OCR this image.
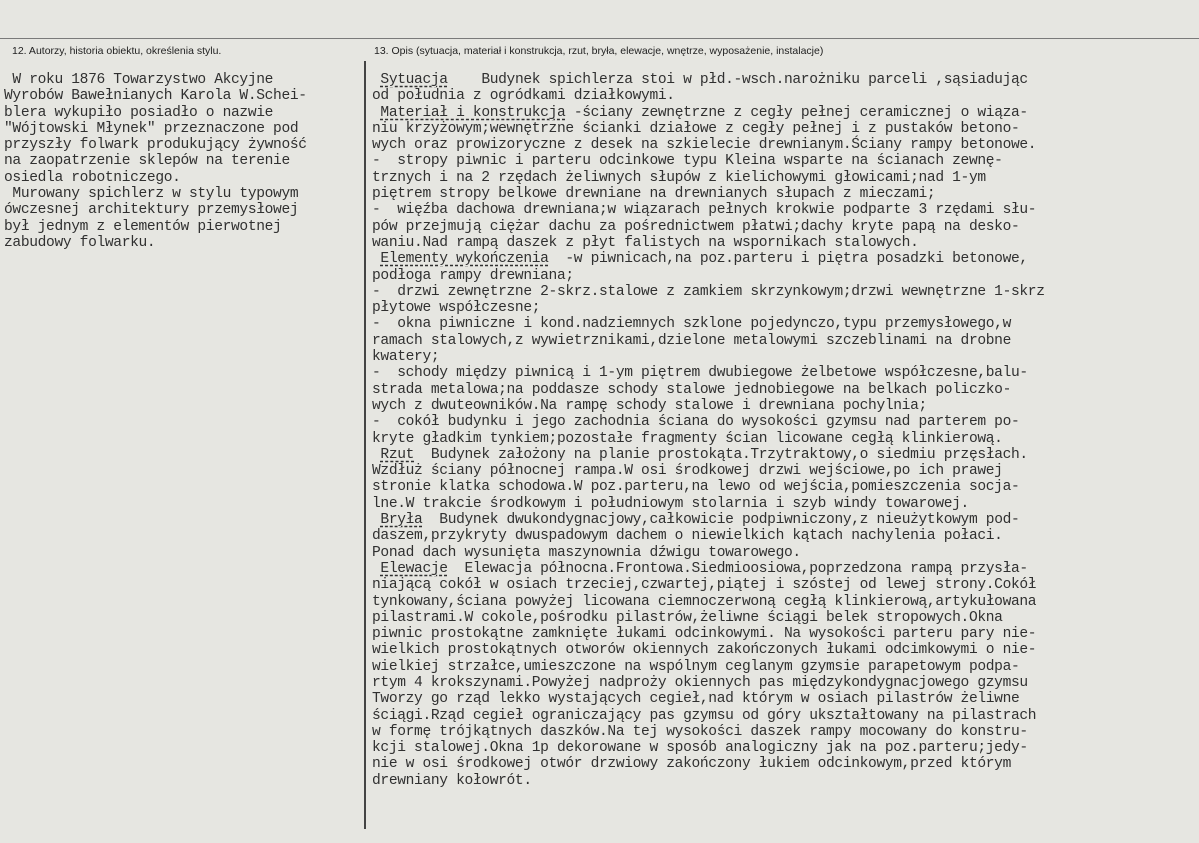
12. Autorzy, historia obiektu, określenia stylu.	13. Opis (sytuacja, materiał i konstrukcja, rzut, bryła, elewacje, wnętrze, wyposażenie, instalacje)
W roku 1876 Towarzystwo Akcyjne
Wyrobów Bawełnianych Karola W.Schei-
blera wykupiło posiadło o nazwie
"Wójtowski Młynek" przeznaczone pod
przyszły folwark produkujący żywność
na zaopatrzenie sklepów na terenie
osiedla robotniczego.
Murowany spichlerz w stylu typowym
ówczesnej architektury przemysłowej
był jednym z elementów pierwotnej
zabudowy folwarku.
Sytuacja    Budynek spichlerza stoi w płd.-wsch.narożniku parceli ,sąsiadując
od południa z ogródkami działkowymi.
Materiał i konstrukcja -ściany zewnętrzne z cegły pełnej ceramicznej o wiąza-
niu krzyżowym;wewnętrzne ścianki działowe z cegły pełnej i z pustaków betono-
wych oraz prowizoryczne z desek na szkielecie drewnianym.Ściany rampy betonowe.
-  stropy piwnic i parteru odcinkowe typu Kleina wsparte na ścianach zewnę-
trznych i na 2 rzędach żeliwnych słupów z kielichowymi głowicami;nad 1-ym
piętrem stropy belkowe drewniane na drewnianych słupach z mieczami;
-  więźba dachowa drewniana;w wiązarach pełnych krokwie podparte 3 rzędami słu-
pów przejmują ciężar dachu za pośrednictwem płatwi;dachy kryte papą na desko-
waniu.Nad rampą daszek z płyt falistych na wspornikach stalowych.
Elementy wykończenia  -w piwnicach,na poz.parteru i piętra posadzki betonowe,
podłoga rampy drewniana;
-  drzwi zewnętrzne 2-skrz.stalowe z zamkiem skrzynkowym;drzwi wewnętrzne 1-skrz
płytowe współczesne;
-  okna piwniczne i kond.nadziemnych szklone pojedynczo,typu przemysłowego,w
ramach stalowych,z wywietrznikami,dzielone metalowymi szczeblinami na drobne
kwatery;
-  schody między piwnicą i 1-ym piętrem dwubiegowe żelbetowe współczesne,balu-
strada metalowa;na poddasze schody stalowe jednobiegowe na belkach policzko-
wych z dwuteowników.Na rampę schody stalowe i drewniana pochylnia;
-  cokół budynku i jego zachodnia ściana do wysokości gzymsu nad parterem po-
kryte gładkim tynkiem;pozostałe fragmenty ścian licowane cegłą klinkierową.
Rzut  Budynek założony na planie prostokąta.Trzytraktowy,o siedmiu przęsłach.
Wzdłuż ściany północnej rampa.W osi środkowej drzwi wejściowe,po ich prawej
stronie klatka schodowa.W poz.parteru,na lewo od wejścia,pomieszczenia socja-
lne.W trakcie środkowym i południowym stolarnia i szyb windy towarowej.
Bryła  Budynek dwukondygnacjowy,całkowicie podpiwniczony,z nieużytkowym pod-
daszem,przykryty dwuspadowym dachem o niewielkich kątach nachylenia połaci.
Ponad dach wysunięta maszynownia dźwigu towarowego.
Elewacje  Elewacja północna.Frontowa.Siedmioosiowa,poprzedzona rampą przysła-
niającą cokół w osiach trzeciej,czwartej,piątej i szóstej od lewej strony.Cokół
tynkowany,ściana powyżej licowana ciemnoczerwoną cegłą klinkierową,artykułowana
pilastrami.W cokole,pośrodku pilastrów,żeliwne ściągi belek stropowych.Okna
piwnic prostokątne zamknięte łukami odcinkowymi. Na wysokości parteru pary nie-
wielkich prostokątnych otworów okiennych zakończonych łukami odcimkowymi o nie-
wielkiej strzałce,umieszczone na wspólnym ceglanym gzymsie parapetowym podpa-
rtym 4 krokszynami.Powyżej nadproży okiennych pas międzykondygnacjowego gzymsu
Tworzy go rząd lekko wystających cegieł,nad którym w osiach pilastrów żeliwne
ściągi.Rząd cegieł ograniczający pas gzymsu od góry ukształtowany na pilastrach
w formę trójkątnych daszków.Na tej wysokości daszek rampy mocowany do konstru-
kcji stalowej.Okna 1p dekorowane w sposób analogiczny jak na poz.parteru;jedy-
nie w osi środkowej otwór drzwiowy zakończony łukiem odcinkowym,przed którym
drewniany kołowrót.
